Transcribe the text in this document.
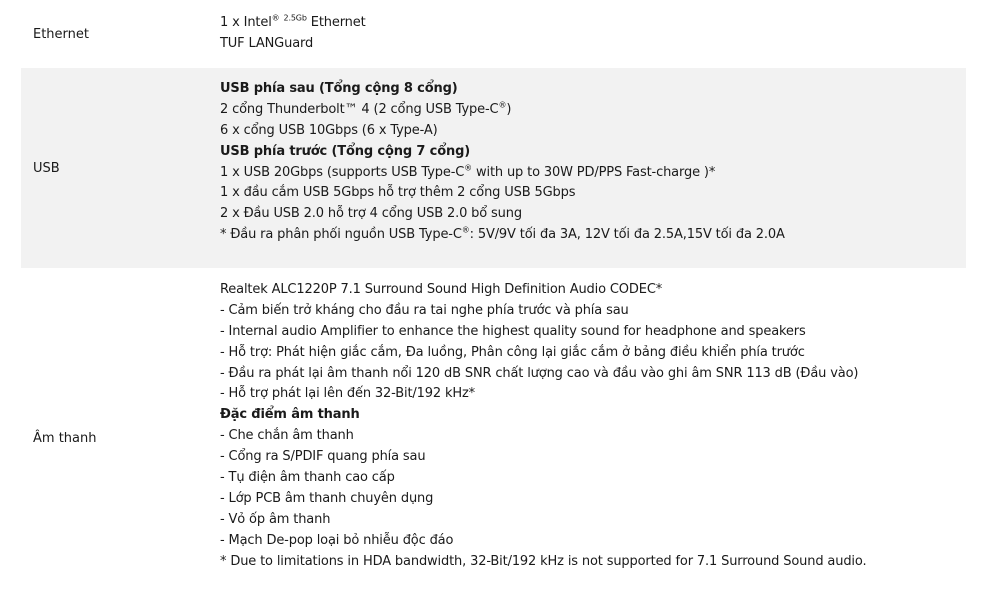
Ethernet
1 x Intel® $^{2.5Gb}$ Ethernet
TUF LANGuard
USB
USB phía sau (Tổng cộng 8 cổng)
2 cổng Thunderbolt™ 4 (2 cổng USB Type-C®)
6 x cổng USB 10Gbps (6 x Type-A)
USB phía trước (Tổng cộng 7 cổng)
1 x USB 20Gbps (supports USB Type-C® with up to 30W PD/PPS Fast-charge )*
1 x đầu cắm USB 5Gbps hỗ trợ thêm 2 cổng USB 5Gbps
2 x Đầu USB 2.0 hỗ trợ 4 cổng USB 2.0 bổ sung
* Đầu ra phân phối nguồn USB Type-C®: 5V/9V tối đa 3A, 12V tối đa 2.5A,15V tối đa 2.0A
Âm thanh
Realtek ALC1220P 7.1 Surround Sound High Definition Audio CODEC*
- Cảm biến trở kháng cho đầu ra tai nghe phía trước và phía sau
- Internal audio Amplifier to enhance the highest quality sound for headphone and speakers
- Hỗ trợ: Phát hiện giắc cắm, Đa luồng, Phân công lại giắc cắm ở bảng điều khiển phía trước
- Đầu ra phát lại âm thanh nổi 120 dB SNR chất lượng cao và đầu vào ghi âm SNR 113 dB (Đầu vào)
- Hỗ trợ phát lại lên đến 32-Bit/192 kHz*
Đặc điểm âm thanh
- Che chắn âm thanh
- Cổng ra S/PDIF quang phía sau
- Tụ điện âm thanh cao cấp
- Lớp PCB âm thanh chuyên dụng
- Vỏ ốp âm thanh
- Mạch De-pop loại bỏ nhiễu độc đáo
* Due to limitations in HDA bandwidth, 32-Bit/192 kHz is not supported for 7.1 Surround Sound audio.
